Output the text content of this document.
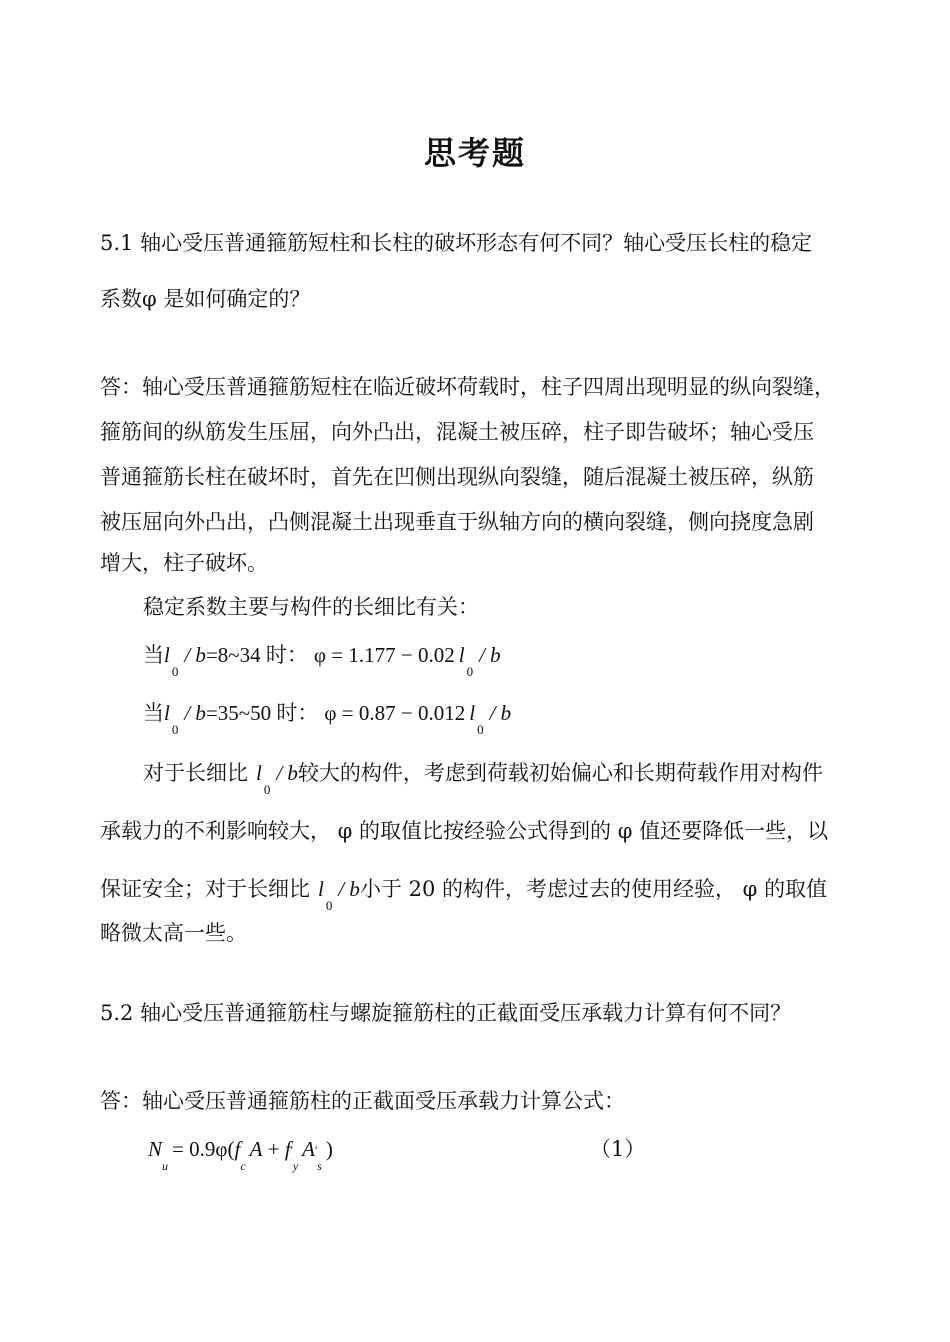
思考题
5.1 轴心受压普通箍筋短柱和长柱的破坏形态有何不同？轴心受压长柱的稳定
系数φ 是如何确定的？
答：轴心受压普通箍筋短柱在临近破坏荷载时，柱子四周出现明显的纵向裂缝，
箍筋间的纵筋发生压屈，向外凸出，混凝土被压碎，柱子即告破坏；轴心受压
普通箍筋长柱在破坏时，首先在凹侧出现纵向裂缝，随后混凝土被压碎，纵筋
被压屈向外凸出，凸侧混凝土出现垂直于纵轴方向的横向裂缝，侧向挠度急剧
增大，柱子破坏。
稳定系数主要与构件的长细比有关：
当$l_0/$ b=8~34 时： φ = 1.177 − 0.02 $l_0/$ b
当$l_0/$ b=35~50 时： φ = 0.87 − 0.012 $l_0/$ b
对于长细比 $l_0/$ b较大的构件，考虑到荷载初始偏心和长期荷载作用对构件
承载力的不利影响较大， φ 的取值比按经验公式得到的 φ 值还要降低一些，以
保证安全；对于长细比 $l_0/$ b小于 20 的构件，考虑过去的使用经验， φ 的取值
略微太高一些。
5.2 轴心受压普通箍筋柱与螺旋箍筋柱的正截面受压承载力计算有何不同？
答：轴心受压普通箍筋柱的正截面受压承载力计算公式：
$N_u= 0.9\varphi(f_cA + f'_yA'_s)$	（1）
